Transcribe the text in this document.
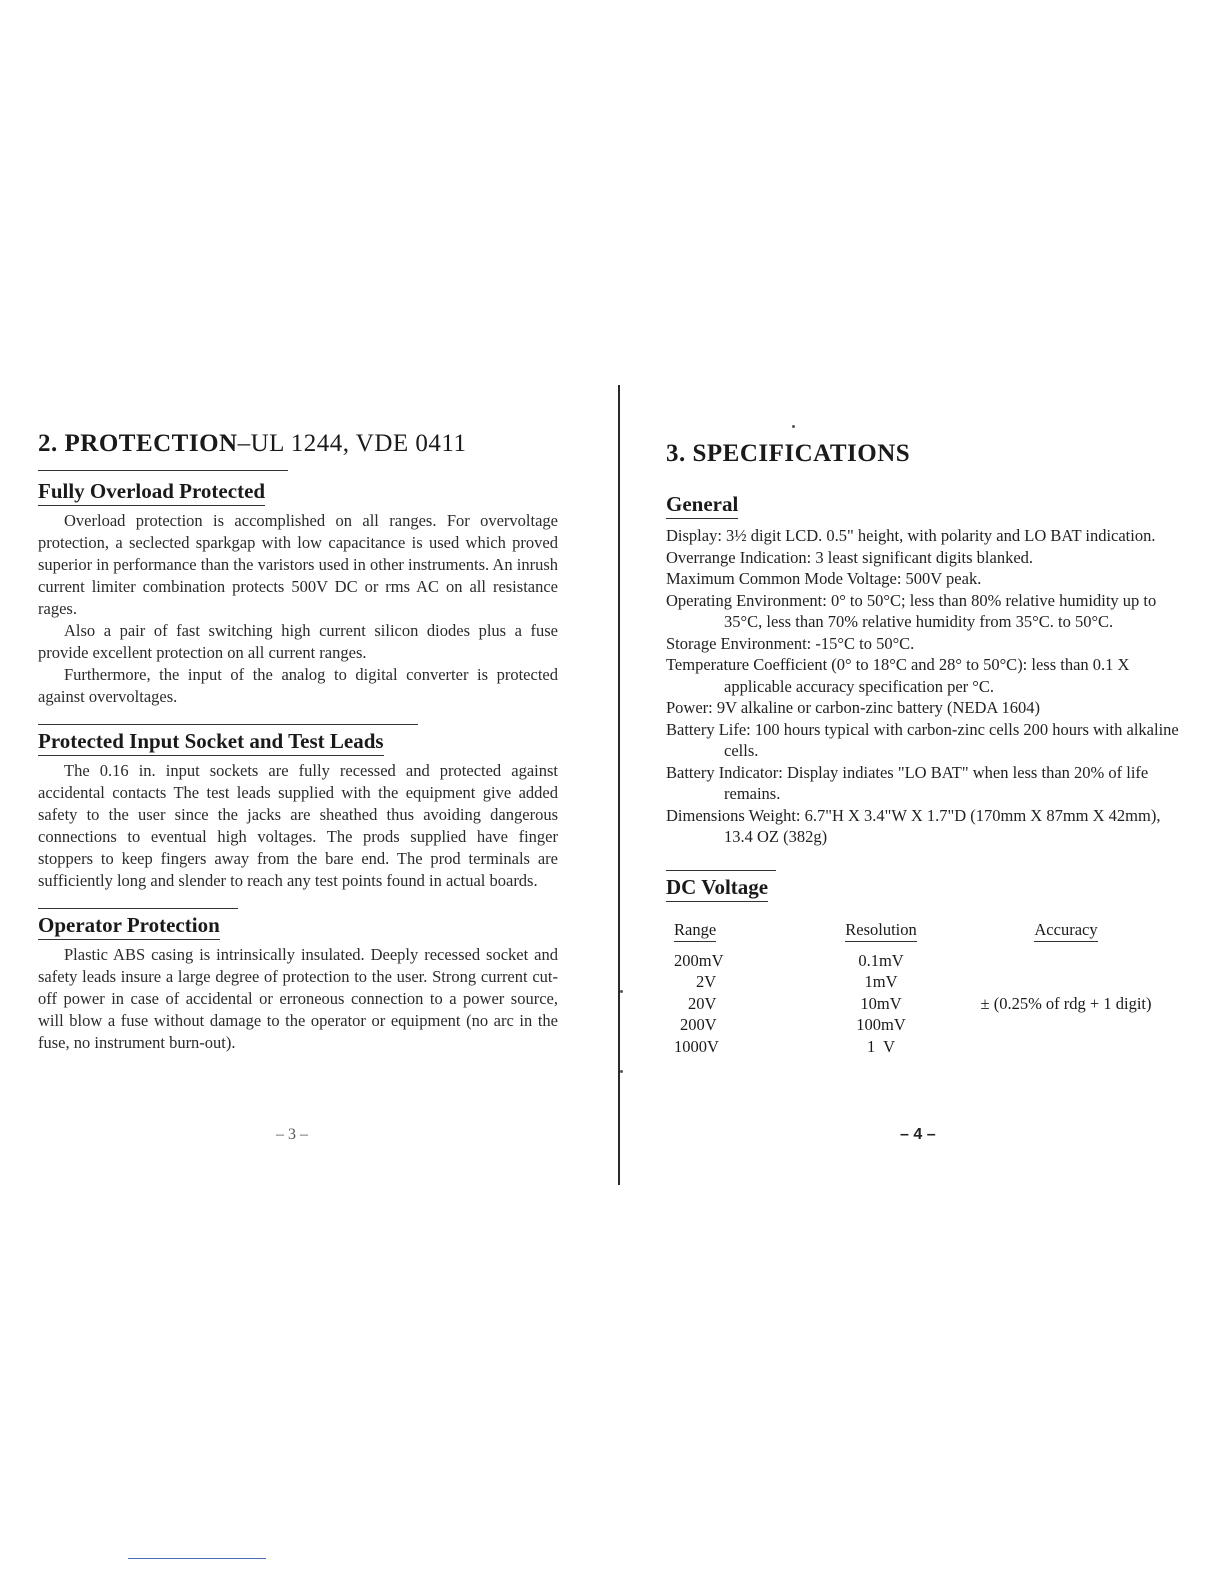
2. PROTECTION–UL 1244, VDE 0411
Fully Overload Protected

Overload protection is accomplished on all ranges. For overvoltage protection, a seclected sparkgap with low capacitance is used which proved superior in performance than the varistors used in other instruments. An inrush current limiter combination protects 500V DC or rms AC on all resistance rages.

Also a pair of fast switching high current silicon diodes plus a fuse provide excellent protection on all current ranges.

Furthermore, the input of the analog to digital converter is protected against overvoltages.

Protected Input Socket and Test Leads

The 0.16 in. input sockets are fully recessed and protected against accidental contacts The test leads supplied with the equipment give added safety to the user since the jacks are sheathed thus avoiding dangerous connections to eventual high voltages. The prods supplied have finger stoppers to keep fingers away from the bare end. The prod terminals are sufficiently long and slender to reach any test points found in actual boards.

Operator Protection

Plastic ABS casing is intrinsically insulated. Deeply recessed socket and safety leads insure a large degree of protection to the user. Strong current cut-off power in case of accidental or erroneous connection to a power source, will blow a fuse without damage to the operator or equipment (no arc in the fuse, no instrument burn-out).

– 3 –
3. SPECIFICATIONS
General
Display: 3½ digit LCD. 0.5" height, with polarity and LO BAT indication.
Overrange Indication: 3 least significant digits blanked.
Maximum Common Mode Voltage: 500V peak.
Operating Environment: 0° to 50°C; less than 80% relative humidity up to 35°C, less than 70% relative humidity from 35°C. to 50°C.
Storage Environment: -15°C to 50°C.
Temperature Coefficient (0° to 18°C and 28° to 50°C): less than 0.1 X applicable accuracy specification per °C.
Power: 9V alkaline or carbon-zinc battery (NEDA 1604)
Battery Life: 100 hours typical with carbon-zinc cells 200 hours with alkaline cells.
Battery Indicator: Display indiates "LO BAT" when less than 20% of life remains.
Dimensions Weight: 6.7"H X 3.4"W X 1.7"D (170mm X 87mm X 42mm), 13.4 OZ (382g)
DC Voltage
Range	Resolution	Accuracy
200mV	0.1mV	± (0.25% of rdg + 1 digit)
2V	1mV	
20V	10mV	
200V	100mV	
1000V	1  V	
– 4 –
